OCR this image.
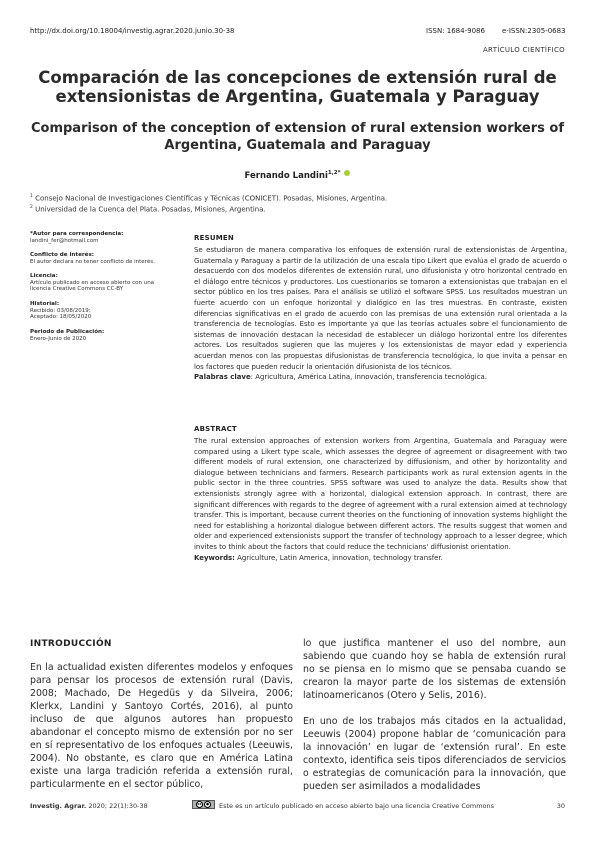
http://dx.doi.org/10.18004/investig.agrar.2020.junio.30-38	ISSN: 1684-9086 e-ISSN:2305-0683
ARTÍCULO CIENTÍFICO
Comparación de las concepciones de extensión rural de extensionistas de Argentina, Guatemala y Paraguay
Comparison of the conception of extension of rural extension workers of Argentina, Guatemala and Paraguay
Fernando Landini$^{1,2*}$
$^1$ Consejo Nacional de Investigaciones Científicas y Técnicas (CONICET). Posadas, Misiones, Argentina.
$^2$ Universidad de la Cuenca del Plata. Posadas, Misiones, Argentina.
*Autor para correspondencia:
landini_fer@hotmail.com
Conflicto de interés:
El autor declara no tener conflicto de interés.
Licencia:
Artículo publicado en acceso abierto con una licencia Creative Commons CC-BY
Historial:
Recibido: 03/08/2019;
Aceptado: 18/05/2020
Periodo de Publicación:
Enero-Junio de 2020
RESUMEN

Se estudiaron de manera comparativa los enfoques de extensión rural de extensionistas de Argentina, Guatemala y Paraguay a partir de la utilización de una escala tipo Likert que evalúa el grado de acuerdo o desacuerdo con dos modelos diferentes de extensión rural, uno difusionista y otro horizontal centrado en el diálogo entre técnicos y productores. Los cuestionarios se tomaron a extensionistas que trabajan en el sector público en los tres países. Para el análisis se utilizó el software SPSS. Los resultados muestran un fuerte acuerdo con un enfoque horizontal y dialógico en las tres muestras. En contraste, existen diferencias significativas en el grado de acuerdo con las premisas de una extensión rural orientada a la transferencia de tecnologías. Esto es importante ya que las teorías actuales sobre el funcionamiento de sistemas de innovación destacan la necesidad de establecer un diálogo horizontal entre los diferentes actores. Los resultados sugieren que las mujeres y los extensionistas de mayor edad y experiencia acuerdan menos con las propuestas difusionistas de transferencia tecnológica, lo que invita a pensar en los factores que pueden reducir la orientación difusionista de los técnicos.

Palabras clave: Agricultura, América Latina, innovación, transferencia tecnológica.
ABSTRACT

The rural extension approaches of extension workers from Argentina, Guatemala and Paraguay were compared using a Likert type scale, which assesses the degree of agreement or disagreement with two different models of rural extension, one characterized by diffusionism, and other by horizontality and dialogue between technicians and farmers. Research participants work as rural extension agents in the public sector in the three countries. SPSS software was used to analyze the data. Results show that extensionists strongly agree with a horizontal, dialogical extension approach. In contrast, there are significant differences with regards to the degree of agreement with a rural extension aimed at technology transfer. This is important, because current theories on the functioning of innovation systems highlight the need for establishing a horizontal dialogue between different actors. The results suggest that women and older and experienced extensionists support the transfer of technology approach to a lesser degree, which invites to think about the factors that could reduce the technicians' diffusionist orientation.

Keywords: Agriculture, Latin America, innovation, technology transfer.
INTRODUCCIÓN

En la actualidad existen diferentes modelos y enfoques para pensar los procesos de extensión rural (Davis, 2008; Machado, De Hegedüs y da Silveira, 2006; Klerkx, Landini y Santoyo Cortés, 2016), al punto incluso de que algunos autores han propuesto abandonar el concepto mismo de extensión por no ser en sí representativo de los enfoques actuales (Leeuwis, 2004). No obstante, es claro que en América Latina existe una larga tradición referida a extensión rural, particularmente en el sector público,

lo que justifica mantener el uso del nombre, aun sabiendo que cuando hoy se habla de extensión rural no se piensa en lo mismo que se pensaba cuando se crearon la mayor parte de los sistemas de extensión latinoamericanos (Otero y Selis, 2016).

En uno de los trabajos más citados en la actualidad, Leeuwis (2004) propone hablar de ‘comunicación para la innovación’ en lugar de ‘extensión rural’. En este contexto, identifica seis tipos diferenciados de servicios o estrategias de comunicación para la innovación, que pueden ser asimilados a modalidades

Investig. Agrar. 2020; 22(1):30-38	cc	●	Este es un artículo publicado en acceso abierto bajo una licencia Creative Commons	30
